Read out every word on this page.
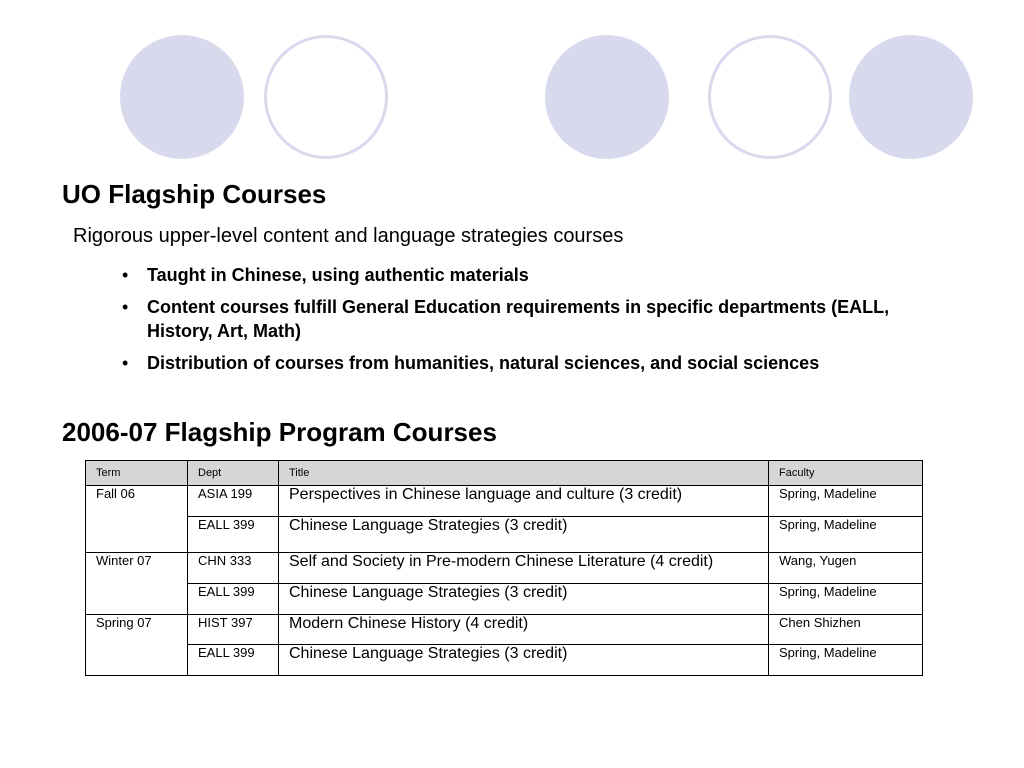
UO Flagship Courses
Rigorous upper-level content and language strategies courses
• Taught in Chinese, using authentic materials
• Content courses fulfill General Education requirements in specific departments (EALL, History, Art, Math)
• Distribution of courses from humanities, natural sciences, and social sciences
2006-07 Flagship Program Courses
Term	Dept	Title	Faculty
Fall 06	ASIA 199	Perspectives in Chinese language and culture (3 credit)	Spring, Madeline
	EALL 399	Chinese Language Strategies (3 credit)	Spring, Madeline
Winter 07	CHN 333	Self and Society in Pre-modern Chinese Literature (4 credit)	Wang, Yugen
	EALL 399	Chinese Language Strategies (3 credit)	Spring, Madeline
Spring 07	HIST 397	Modern Chinese History (4 credit)	Chen Shizhen
	EALL 399	Chinese Language Strategies (3 credit)	Spring, Madeline
